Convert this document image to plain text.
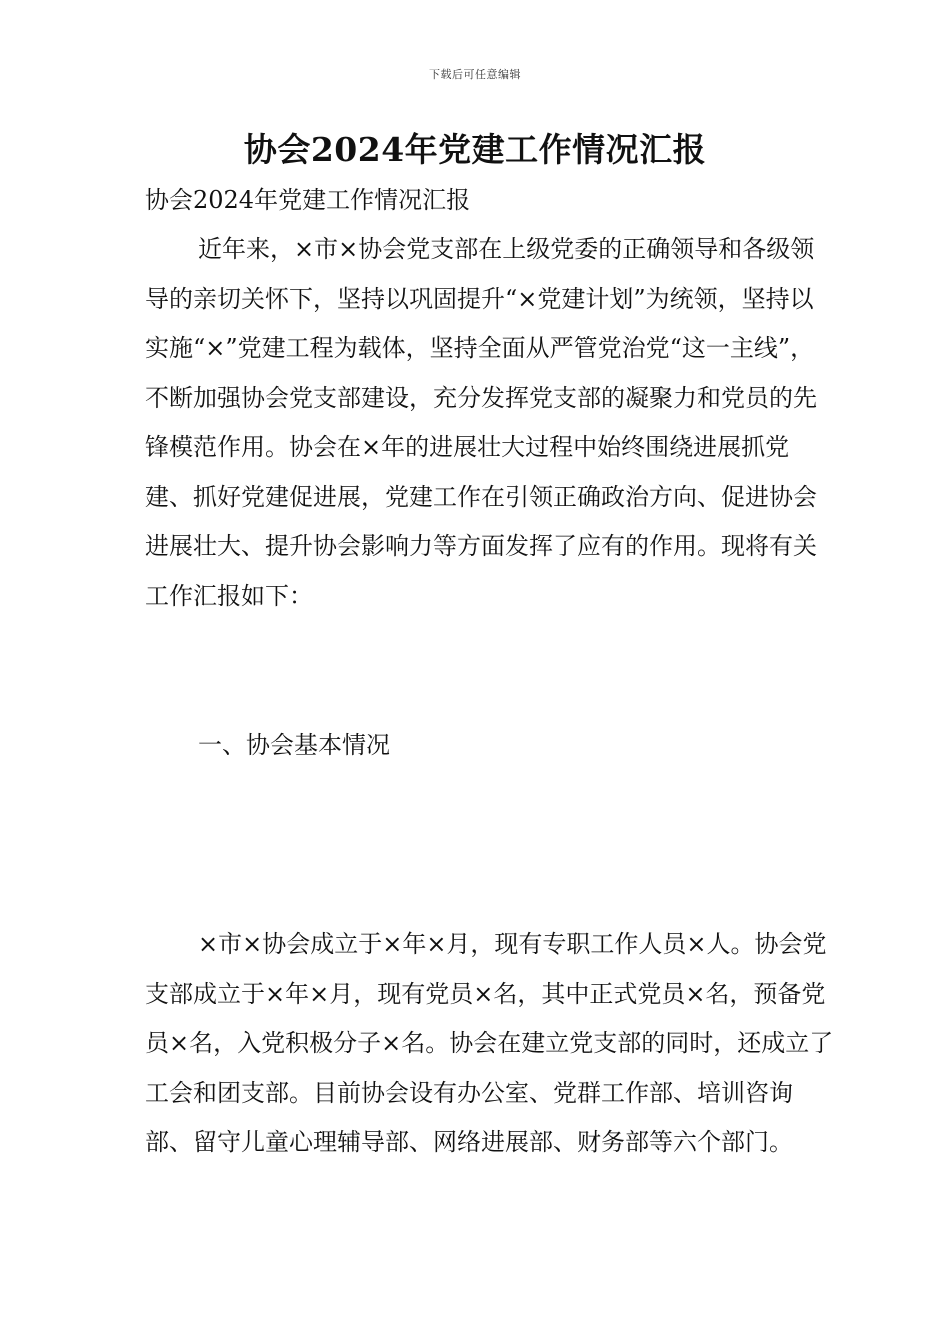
下载后可任意编辑
协会2024年党建工作情况汇报

协会2024年党建工作情况汇报

近年来，×市×协会党支部在上级党委的正确领导和各级领导的亲切关怀下，坚持以巩固提升“×党建计划”为统领，坚持以实施“×”党建工程为载体，坚持全面从严管党治党“这一主线”，不断加强协会党支部建设，充分发挥党支部的凝聚力和党员的先锋模范作用。协会在×年的进展壮大过程中始终围绕进展抓党建、抓好党建促进展，党建工作在引领正确政治方向、促进协会进展壮大、提升协会影响力等方面发挥了应有的作用。现将有关工作汇报如下：

一、协会基本情况

×市×协会成立于×年×月，现有专职工作人员×人。协会党支部成立于×年×月，现有党员×名，其中正式党员×名，预备党员×名，入党积极分子×名。协会在建立党支部的同时，还成立了工会和团支部。目前协会设有办公室、党群工作部、培训咨询部、留守儿童心理辅导部、网络进展部、财务部等六个部门。
